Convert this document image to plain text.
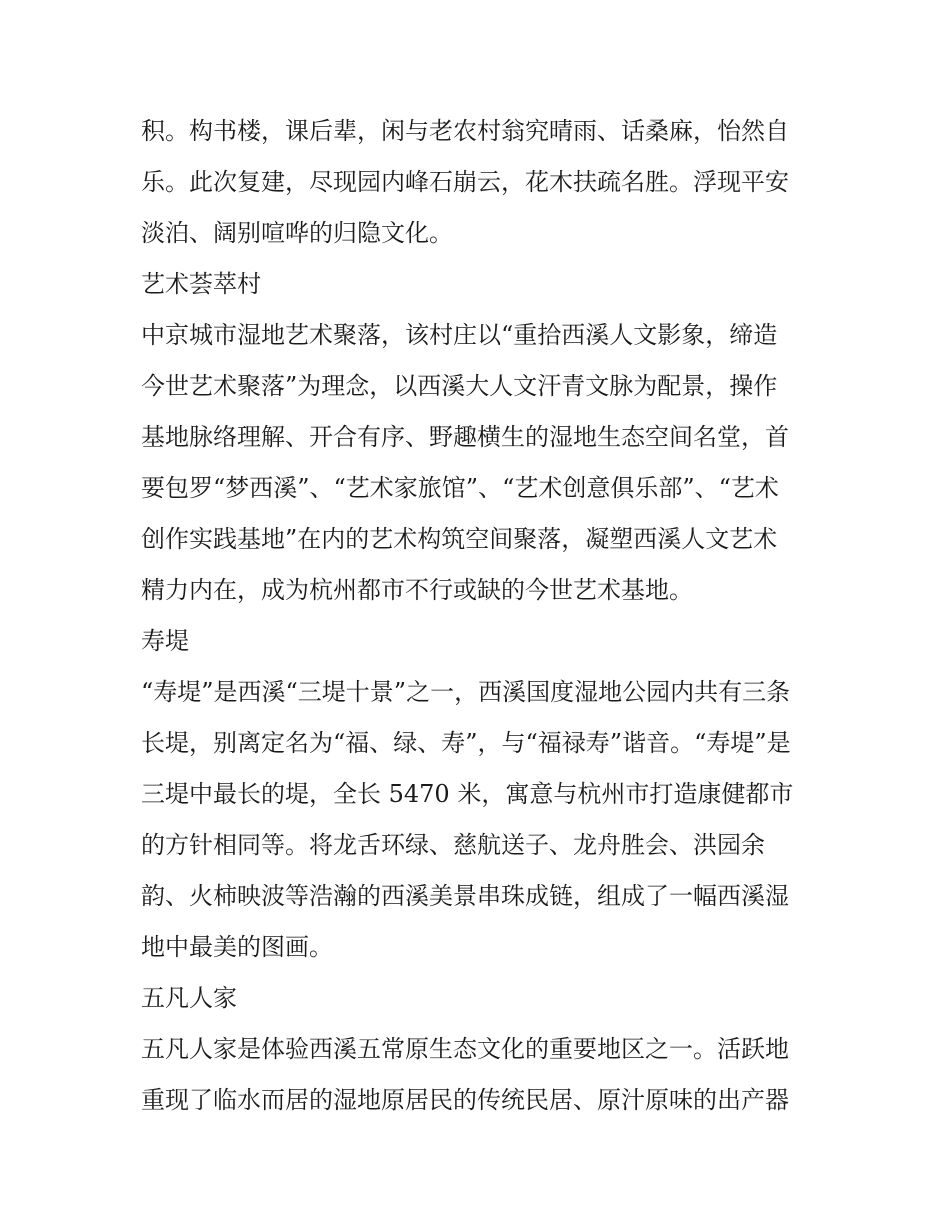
积。构书楼，课后辈，闲与老农村翁究晴雨、话桑麻，怡然自
乐。此次复建，尽现园内峰石崩云，花木扶疏名胜。浮现平安
淡泊、阔别喧哗的归隐文化。
艺术荟萃村
中京城市湿地艺术聚落，该村庄以“重拾西溪人文影象，缔造
今世艺术聚落”为理念，以西溪大人文汗青文脉为配景，操作
基地脉络理解、开合有序、野趣横生的湿地生态空间名堂，首
要包罗“梦西溪”、“艺术家旅馆”、“艺术创意俱乐部”、“艺术
创作实践基地”在内的艺术构筑空间聚落，凝塑西溪人文艺术
精力内在，成为杭州都市不行或缺的今世艺术基地。
寿堤
“寿堤”是西溪“三堤十景”之一，西溪国度湿地公园内共有三条
长堤，别离定名为“福、绿、寿”，与“福禄寿”谐音。“寿堤”是
三堤中最长的堤，全长 5470 米，寓意与杭州市打造康健都市
的方针相同等。将龙舌环绿、慈航送子、龙舟胜会、洪园余
韵、火柿映波等浩瀚的西溪美景串珠成链，组成了一幅西溪湿
地中最美的图画。
五凡人家
五凡人家是体验西溪五常原生态文化的重要地区之一。活跃地
重现了临水而居的湿地原居民的传统民居、原汁原味的出产器
